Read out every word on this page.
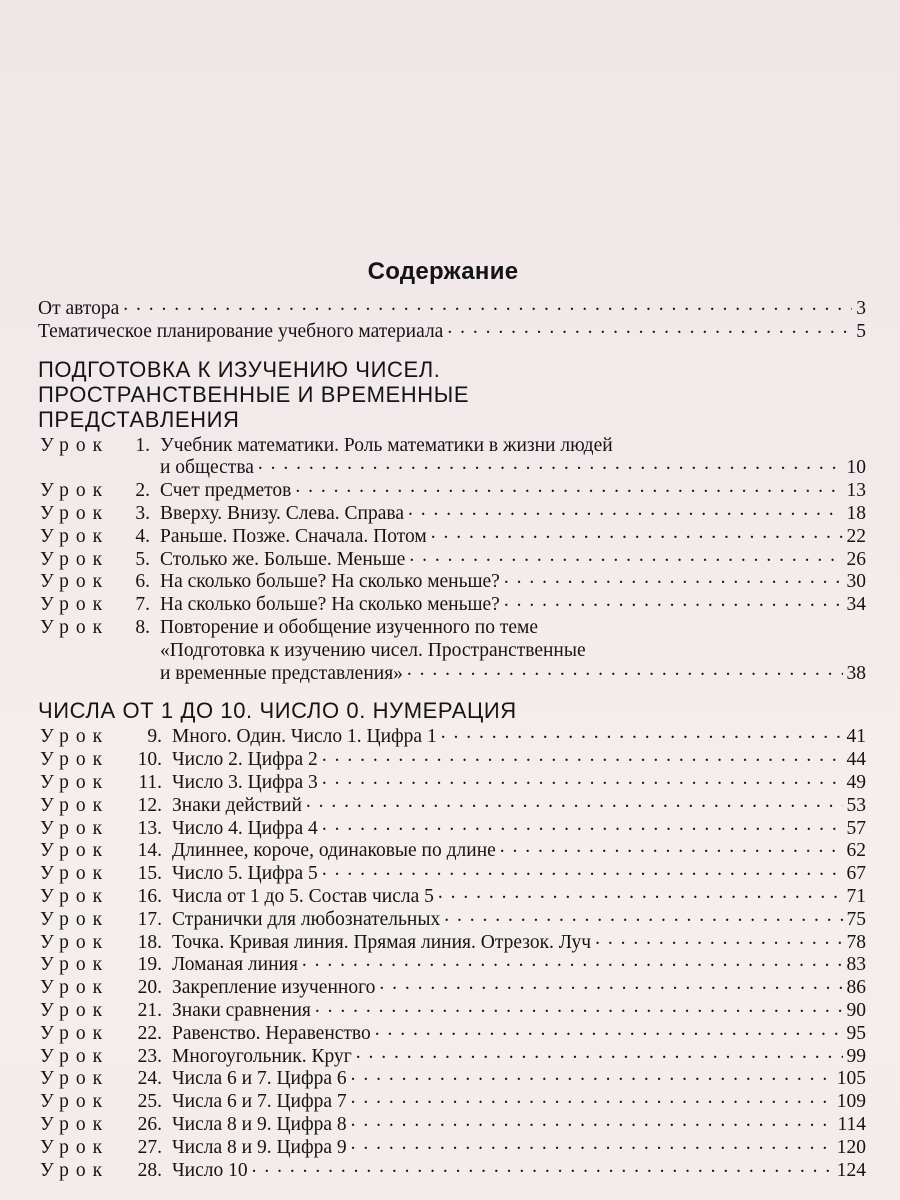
Содержание
От автора . . .	3
Тематическое планирование учебного материала . . .	5
ПОДГОТОВКА К ИЗУЧЕНИЮ ЧИСЕЛ.
ПРОСТРАНСТВЕННЫЕ И ВРЕМЕННЫЕ
ПРЕДСТАВЛЕНИЯ
Урок 1. Учебник математики. Роль математики в жизни людей
и общества . . .	10
Урок 2. Счет предметов . . .	13
Урок 3. Вверху. Внизу. Слева. Справа . . .	18
Урок 4. Раньше. Позже. Сначала. Потом . . .	22
Урок 5. Столько же. Больше. Меньше . . .	26
Урок 6. На сколько больше? На сколько меньше? . . .	30
Урок 7. На сколько больше? На сколько меньше? . . .	34
Урок 8. Повторение и обобщение изученного по теме
«Подготовка к изучению чисел. Пространственные
и временные представления» . . .	38
ЧИСЛА ОТ 1 ДО 10. ЧИСЛО 0. НУМЕРАЦИЯ
Урок 9. Много. Один. Число 1. Цифра 1 . . .	41
Урок 10. Число 2. Цифра 2 . . .	44
Урок 11. Число 3. Цифра 3 . . .	49
Урок 12. Знаки действий . . .	53
Урок 13. Число 4. Цифра 4 . . .	57
Урок 14. Длиннее, короче, одинаковые по длине . . .	62
Урок 15. Число 5. Цифра 5 . . .	67
Урок 16. Числа от 1 до 5. Состав числа 5 . . .	71
Урок 17. Странички для любознательных . . .	75
Урок 18. Точка. Кривая линия. Прямая линия. Отрезок. Луч . . .	78
Урок 19. Ломаная линия . . .	83
Урок 20. Закрепление изученного . . .	86
Урок 21. Знаки сравнения . . .	90
Урок 22. Равенство. Неравенство . . .	95
Урок 23. Многоугольник. Круг . . .	99
Урок 24. Числа 6 и 7. Цифра 6 . . .	105
Урок 25. Числа 6 и 7. Цифра 7 . . .	109
Урок 26. Числа 8 и 9. Цифра 8 . . .	114
Урок 27. Числа 8 и 9. Цифра 9 . . .	120
Урок 28. Число 10 . . .	124
